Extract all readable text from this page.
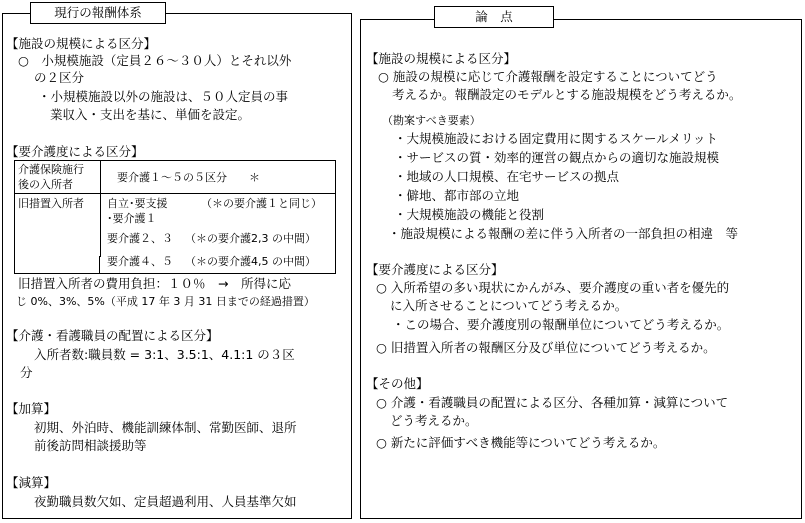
現行の報酬体系
【施設の規模による区分】
○　小規模施設（定員２６～３０人）とそれ以外
の２区分
・小規模施設以外の施設は、５０人定員の事
業収入・支出を基に、単価を設定。
【要介護度による区分】
介護保険施行
後の入所者
要介護１～５の５区分　　＊
旧措置入所者 自立･要支援	（＊の要介護１と同じ）
･要介護１
要介護２、３ （＊の要介護2,3 の中間）
要介護４、５ （＊の要介護4,5 の中間）
旧措置入所者の費用負担：１０％　→　所得に応
じ 0%、3%、5%（平成 17 年 3 月 31 日までの経過措置）
【介護・看護職員の配置による区分】
入所者数:職員数 = 3:1、3.5:1、4.1:1 の３区
分
【加算】
初期、外泊時、機能訓練体制、常勤医師、退所
前後訪問相談援助等
【減算】
夜勤職員数欠如、定員超過利用、人員基準欠如
論　点
【施設の規模による区分】
○ 施設の規模に応じて介護報酬を設定することについてどう
考えるか。報酬設定のモデルとする施設規模をどう考えるか。
（勘案すべき要素）
・大規模施設における固定費用に関するスケールメリット
・サービスの質・効率的運営の観点からの適切な施設規模
・地域の人口規模、在宅サービスの拠点
・僻地、都市部の立地
・大規模施設の機能と役割
・施設規模による報酬の差に伴う入所者の一部負担の相違　等
【要介護度による区分】
○ 入所希望の多い現状にかんがみ、要介護度の重い者を優先的
に入所させることについてどう考えるか。
・この場合、要介護度別の報酬単位についてどう考えるか。
○ 旧措置入所者の報酬区分及び単位についてどう考えるか。
【その他】
○ 介護・看護職員の配置による区分、各種加算・減算について
どう考えるか。
○ 新たに評価すべき機能等についてどう考えるか。
